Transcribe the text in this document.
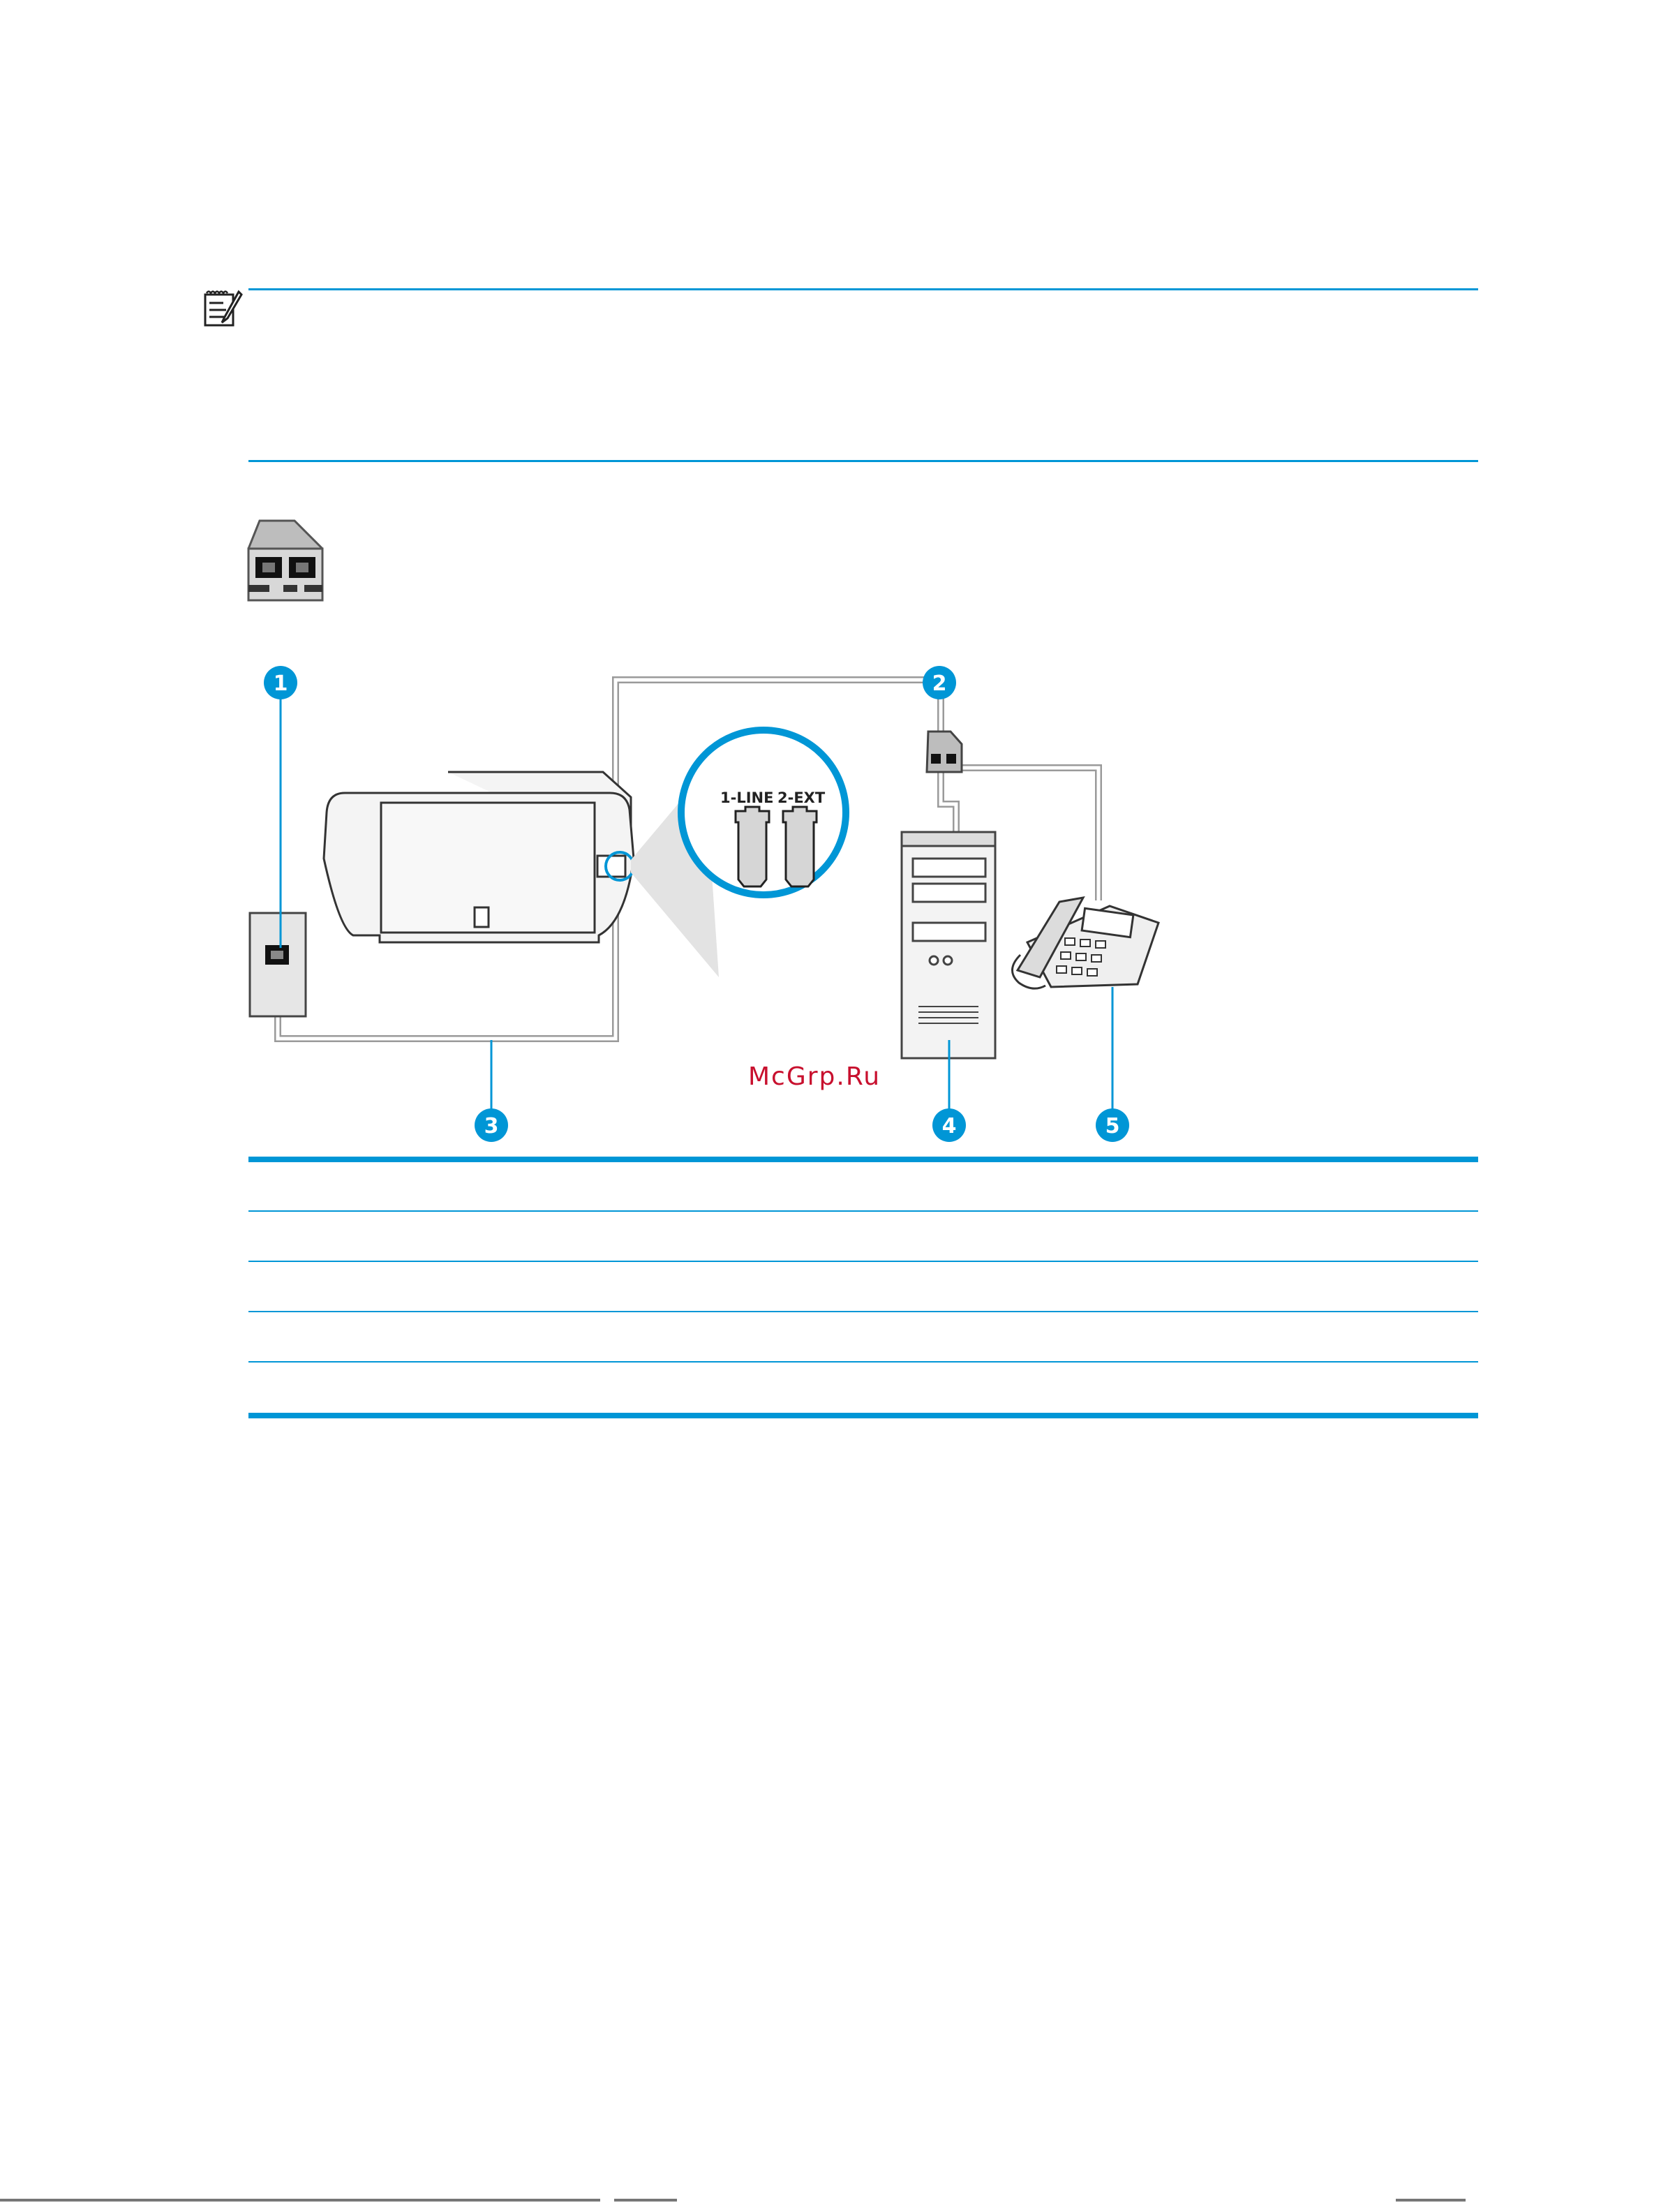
1-LINE 2-EXT
1	2
3	4	5
McGrp.Ru
